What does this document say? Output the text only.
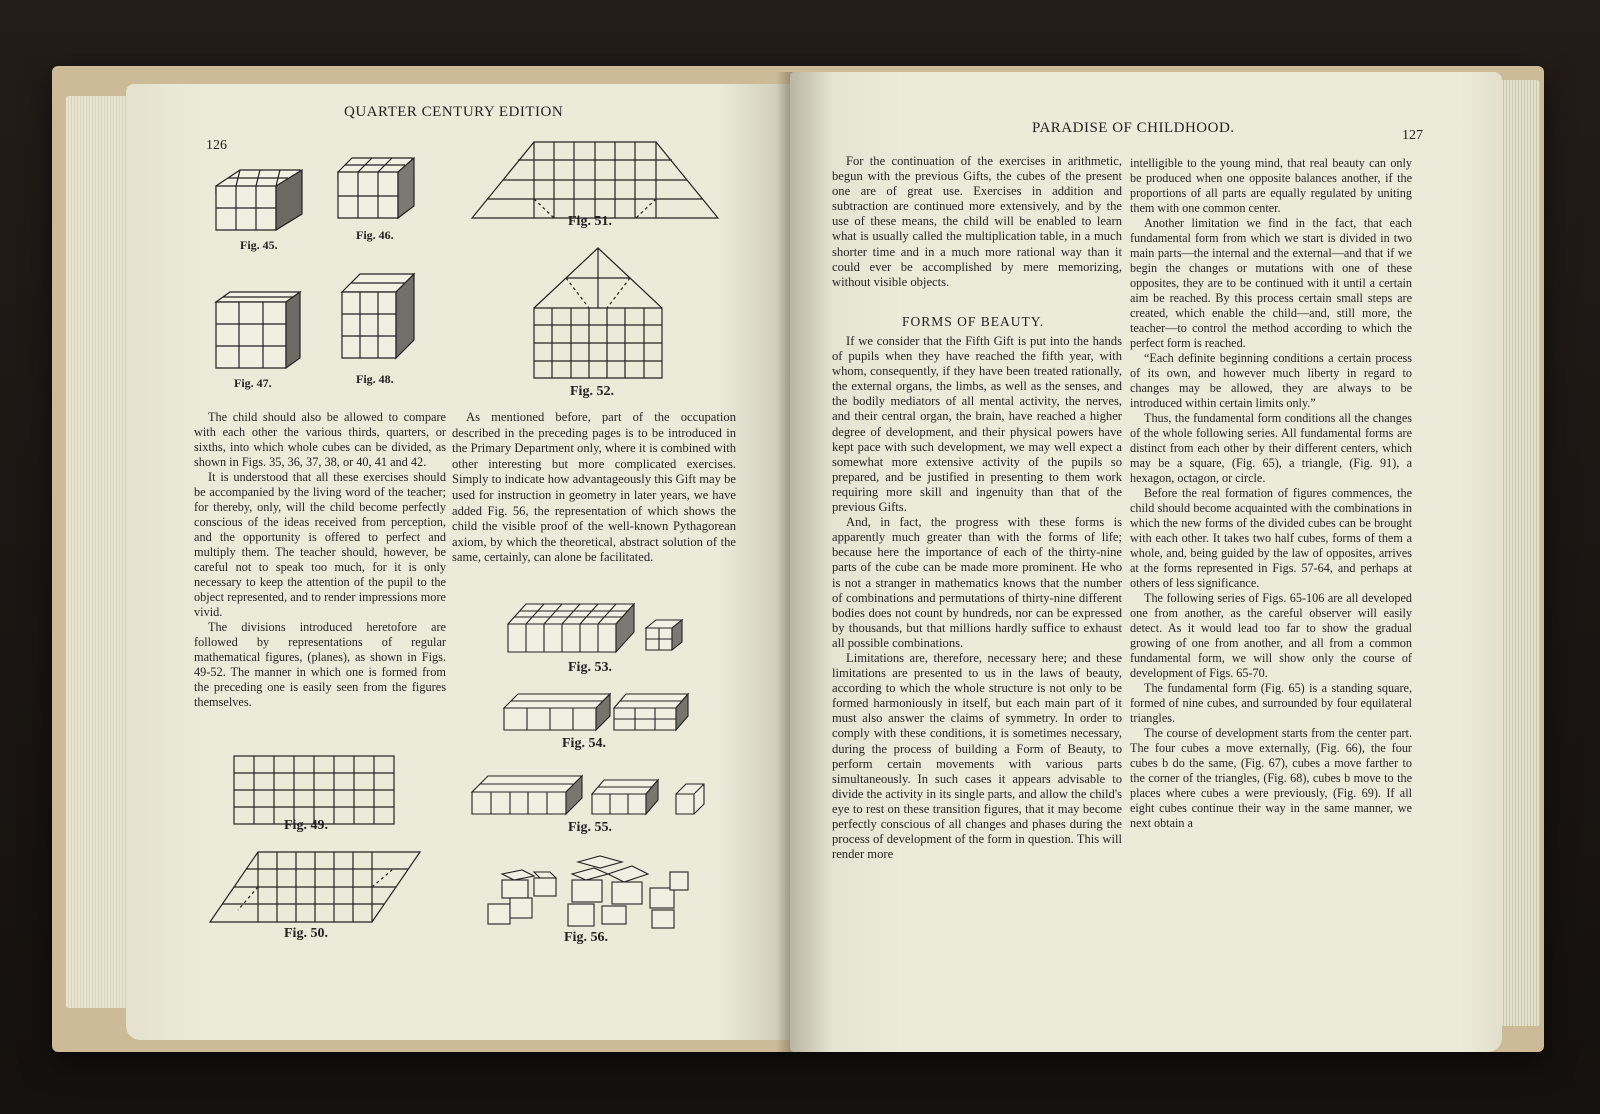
QUARTER CENTURY EDITION
126
Fig. 45.
Fig. 46.
Fig. 47.	Fig. 48.
Fig. 51.
Fig. 52.

The child should also be allowed to compare with each other the various thirds, quarters, or sixths, into which whole cubes can be divided, as shown in Figs. 35, 36, 37, 38, or 40, 41 and 42.

It is understood that all these exercises should be accompanied by the living word of the teacher; for thereby, only, will the child become perfectly conscious of the ideas received from perception, and the opportunity is offered to perfect and multiply them. The teacher should, however, be careful not to speak too much, for it is only necessary to keep the attention of the pupil to the object represented, and to render impressions more vivid.

The divisions introduced heretofore are followed by representations of regular mathematical figures, (planes), as shown in Figs. 49-52. The manner in which one is formed from the preceding one is easily seen from the figures themselves.

As mentioned before, part of the occupation described in the preceding pages is to be introduced in the Primary Department only, where it is combined with other interesting but more complicated exercises. Simply to indicate how advantageously this Gift may be used for instruction in geometry in later years, we have added Fig. 56, the representation of which shows the child the visible proof of the well-known Pythagorean axiom, by which the theoretical, abstract solution of the same, certainly, can alone be facilitated.

Fig. 53.
Fig. 54.
Fig. 55.
Fig. 56.
Fig. 49.
Fig. 50.
PARADISE OF CHILDHOOD.	127

For the continuation of the exercises in arithmetic, begun with the previous Gifts, the cubes of the present one are of great use. Exercises in addition and subtraction are continued more extensively, and by the use of these means, the child will be enabled to learn what is usually called the multiplication table, in a much shorter time and in a much more rational way than it could ever be accomplished by mere memorizing, without visible objects.

FORMS OF BEAUTY.

If we consider that the Fifth Gift is put into the hands of pupils when they have reached the fifth year, with whom, consequently, if they have been treated rationally, the external organs, the limbs, as well as the senses, and the bodily mediators of all mental activity, the nerves, and their central organ, the brain, have reached a higher degree of development, and their physical powers have kept pace with such development, we may well expect a somewhat more extensive activity of the pupils so prepared, and be justified in presenting to them work requiring more skill and ingenuity than that of the previous Gifts.

And, in fact, the progress with these forms is apparently much greater than with the forms of life; because here the importance of each of the thirty-nine parts of the cube can be made more prominent. He who is not a stranger in mathematics knows that the number of combinations and permutations of thirty-nine different bodies does not count by hundreds, nor can be expressed by thousands, but that millions hardly suffice to exhaust all possible combinations.

Limitations are, therefore, necessary here; and these limitations are presented to us in the laws of beauty, according to which the whole structure is not only to be formed harmoniously in itself, but each main part of it must also answer the claims of symmetry. In order to comply with these conditions, it is sometimes necessary, during the process of building a Form of Beauty, to perform certain movements with various parts simultaneously. In such cases it appears advisable to divide the activity in its single parts, and allow the child's eye to rest on these transition figures, that it may become perfectly conscious of all changes and phases during the process of development of the form in question. This will render more

intelligible to the young mind, that real beauty can only be produced when one opposite balances another, if the proportions of all parts are equally regulated by uniting them with one common center.

Another limitation we find in the fact, that each fundamental form from which we start is divided in two main parts—the internal and the external—and that if we begin the changes or mutations with one of these opposites, they are to be continued with it until a certain aim be reached. By this process certain small steps are created, which enable the child—and, still more, the teacher—to control the method according to which the perfect form is reached.

“Each definite beginning conditions a certain process of its own, and however much liberty in regard to changes may be allowed, they are always to be introduced within certain limits only.”

Thus, the fundamental form conditions all the changes of the whole following series. All fundamental forms are distinct from each other by their different centers, which may be a square, (Fig. 65), a triangle, (Fig. 91), a hexagon, octagon, or circle.

Before the real formation of figures commences, the child should become acquainted with the combinations in which the new forms of the divided cubes can be brought with each other. It takes two half cubes, forms of them a whole, and, being guided by the law of opposites, arrives at the forms represented in Figs. 57-64, and perhaps at others of less significance.

The following series of Figs. 65-106 are all developed one from another, as the careful observer will easily detect. As it would lead too far to show the gradual growing of one from another, and all from a common fundamental form, we will show only the course of development of Figs. 65-70.

The fundamental form (Fig. 65) is a standing square, formed of nine cubes, and surrounded by four equilateral triangles.

The course of development starts from the center part. The four cubes a move externally, (Fig. 66), the four cubes b do the same, (Fig. 67), cubes a move farther to the corner of the triangles, (Fig. 68), cubes b move to the places where cubes a were previously, (Fig. 69). If all eight cubes continue their way in the same manner, we next obtain a
